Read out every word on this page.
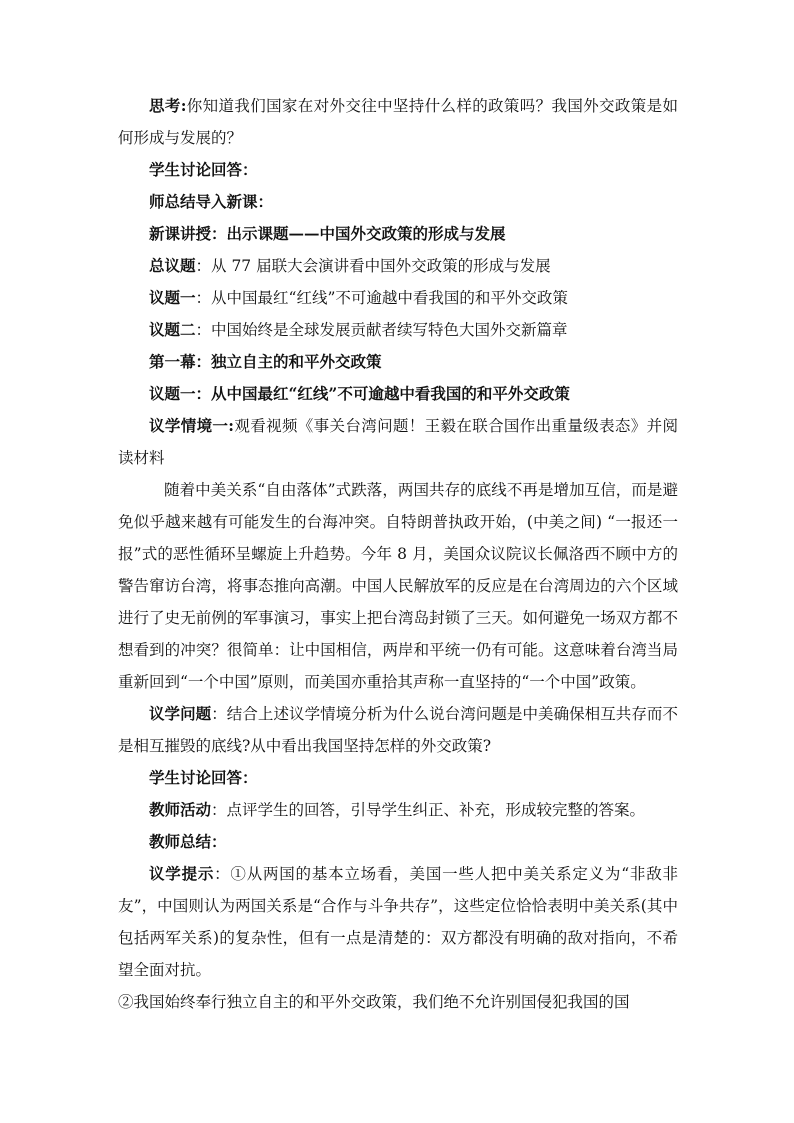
思考:你知道我们国家在对外交往中坚持什么样的政策吗？我国外交政策是如何形成与发展的？

学生讨论回答：

师总结导入新课：

新课讲授：出示课题——中国外交政策的形成与发展

总议题：从 77 届联大会演讲看中国外交政策的形成与发展

议题一：从中国最红“红线”不可逾越中看我国的和平外交政策

议题二：中国始终是全球发展贡献者续写特色大国外交新篇章

第一幕：独立自主的和平外交政策

议题一：从中国最红“红线”不可逾越中看我国的和平外交政策

议学情境一:观看视频《事关台湾问题！王毅在联合国作出重量级表态》并阅读材料

随着中美关系“自由落体”式跌落，两国共存的底线不再是增加互信，而是避免似乎越来越有可能发生的台海冲突。自特朗普执政开始，(中美之间) “一报还一报”式的恶性循环呈螺旋上升趋势。今年 8 月，美国众议院议长佩洛西不顾中方的警告窜访台湾，将事态推向高潮。中国人民解放军的反应是在台湾周边的六个区域进行了史无前例的军事演习，事实上把台湾岛封锁了三天。如何避免一场双方都不想看到的冲突？很简单：让中国相信，两岸和平统一仍有可能。这意味着台湾当局重新回到“一个中国”原则，而美国亦重拾其声称一直坚持的“一个中国”政策。

议学问题：结合上述议学情境分析为什么说台湾问题是中美确保相互共存而不是相互摧毁的底线?从中看出我国坚持怎样的外交政策?

学生讨论回答：

教师活动：点评学生的回答，引导学生纠正、补充，形成较完整的答案。

教师总结：

议学提示：①从两国的基本立场看，美国一些人把中美关系定义为“非敌非友”，中国则认为两国关系是“合作与斗争共存”，这些定位恰恰表明中美关系(其中包括两军关系)的复杂性，但有一点是清楚的：双方都没有明确的敌对指向，不希望全面对抗。

②我国始终奉行独立自主的和平外交政策，我们绝不允许别国侵犯我国的国
